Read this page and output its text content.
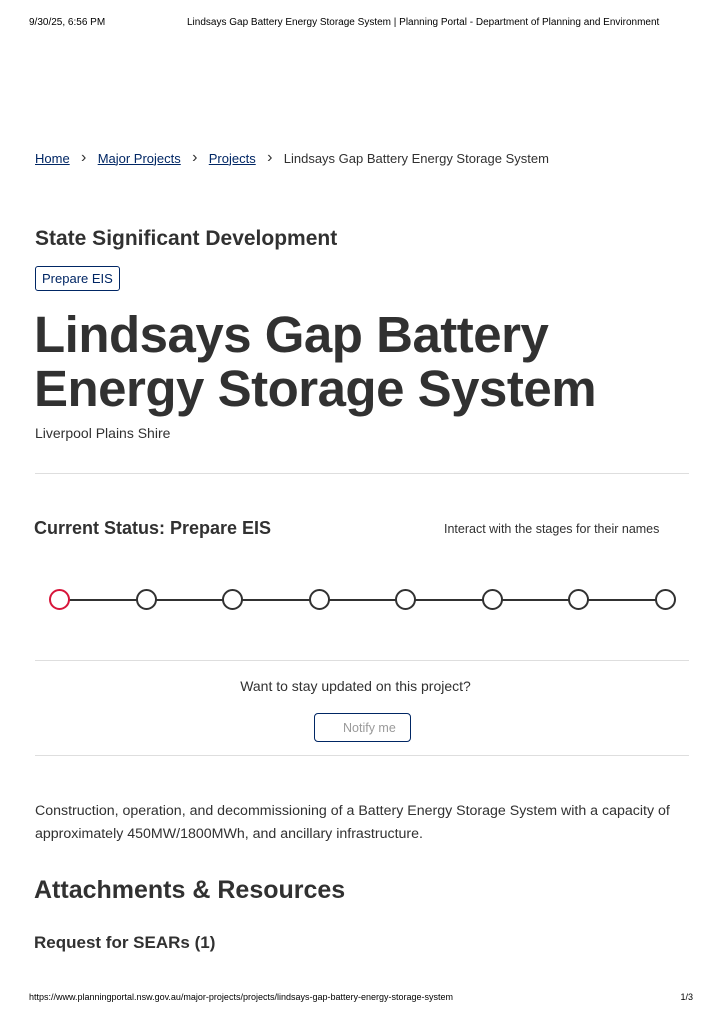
9/30/25, 6:56 PM	Lindsays Gap Battery Energy Storage System | Planning Portal - Department of Planning and Environment
Home › Major Projects › Projects › Lindsays Gap Battery Energy Storage System
State Significant Development
Prepare EIS
Lindsays Gap Battery Energy Storage System
Liverpool Plains Shire
Current Status: Prepare EIS	Interact with the stages for their names
Want to stay updated on this project?
Notify me

Construction, operation, and decommissioning of a Battery Energy Storage System with a capacity of approximately 450MW/1800MWh, and ancillary infrastructure.

Attachments & Resources
Request for SEARs (1)
https://www.planningportal.nsw.gov.au/major-projects/projects/lindsays-gap-battery-energy-storage-system	1/3
